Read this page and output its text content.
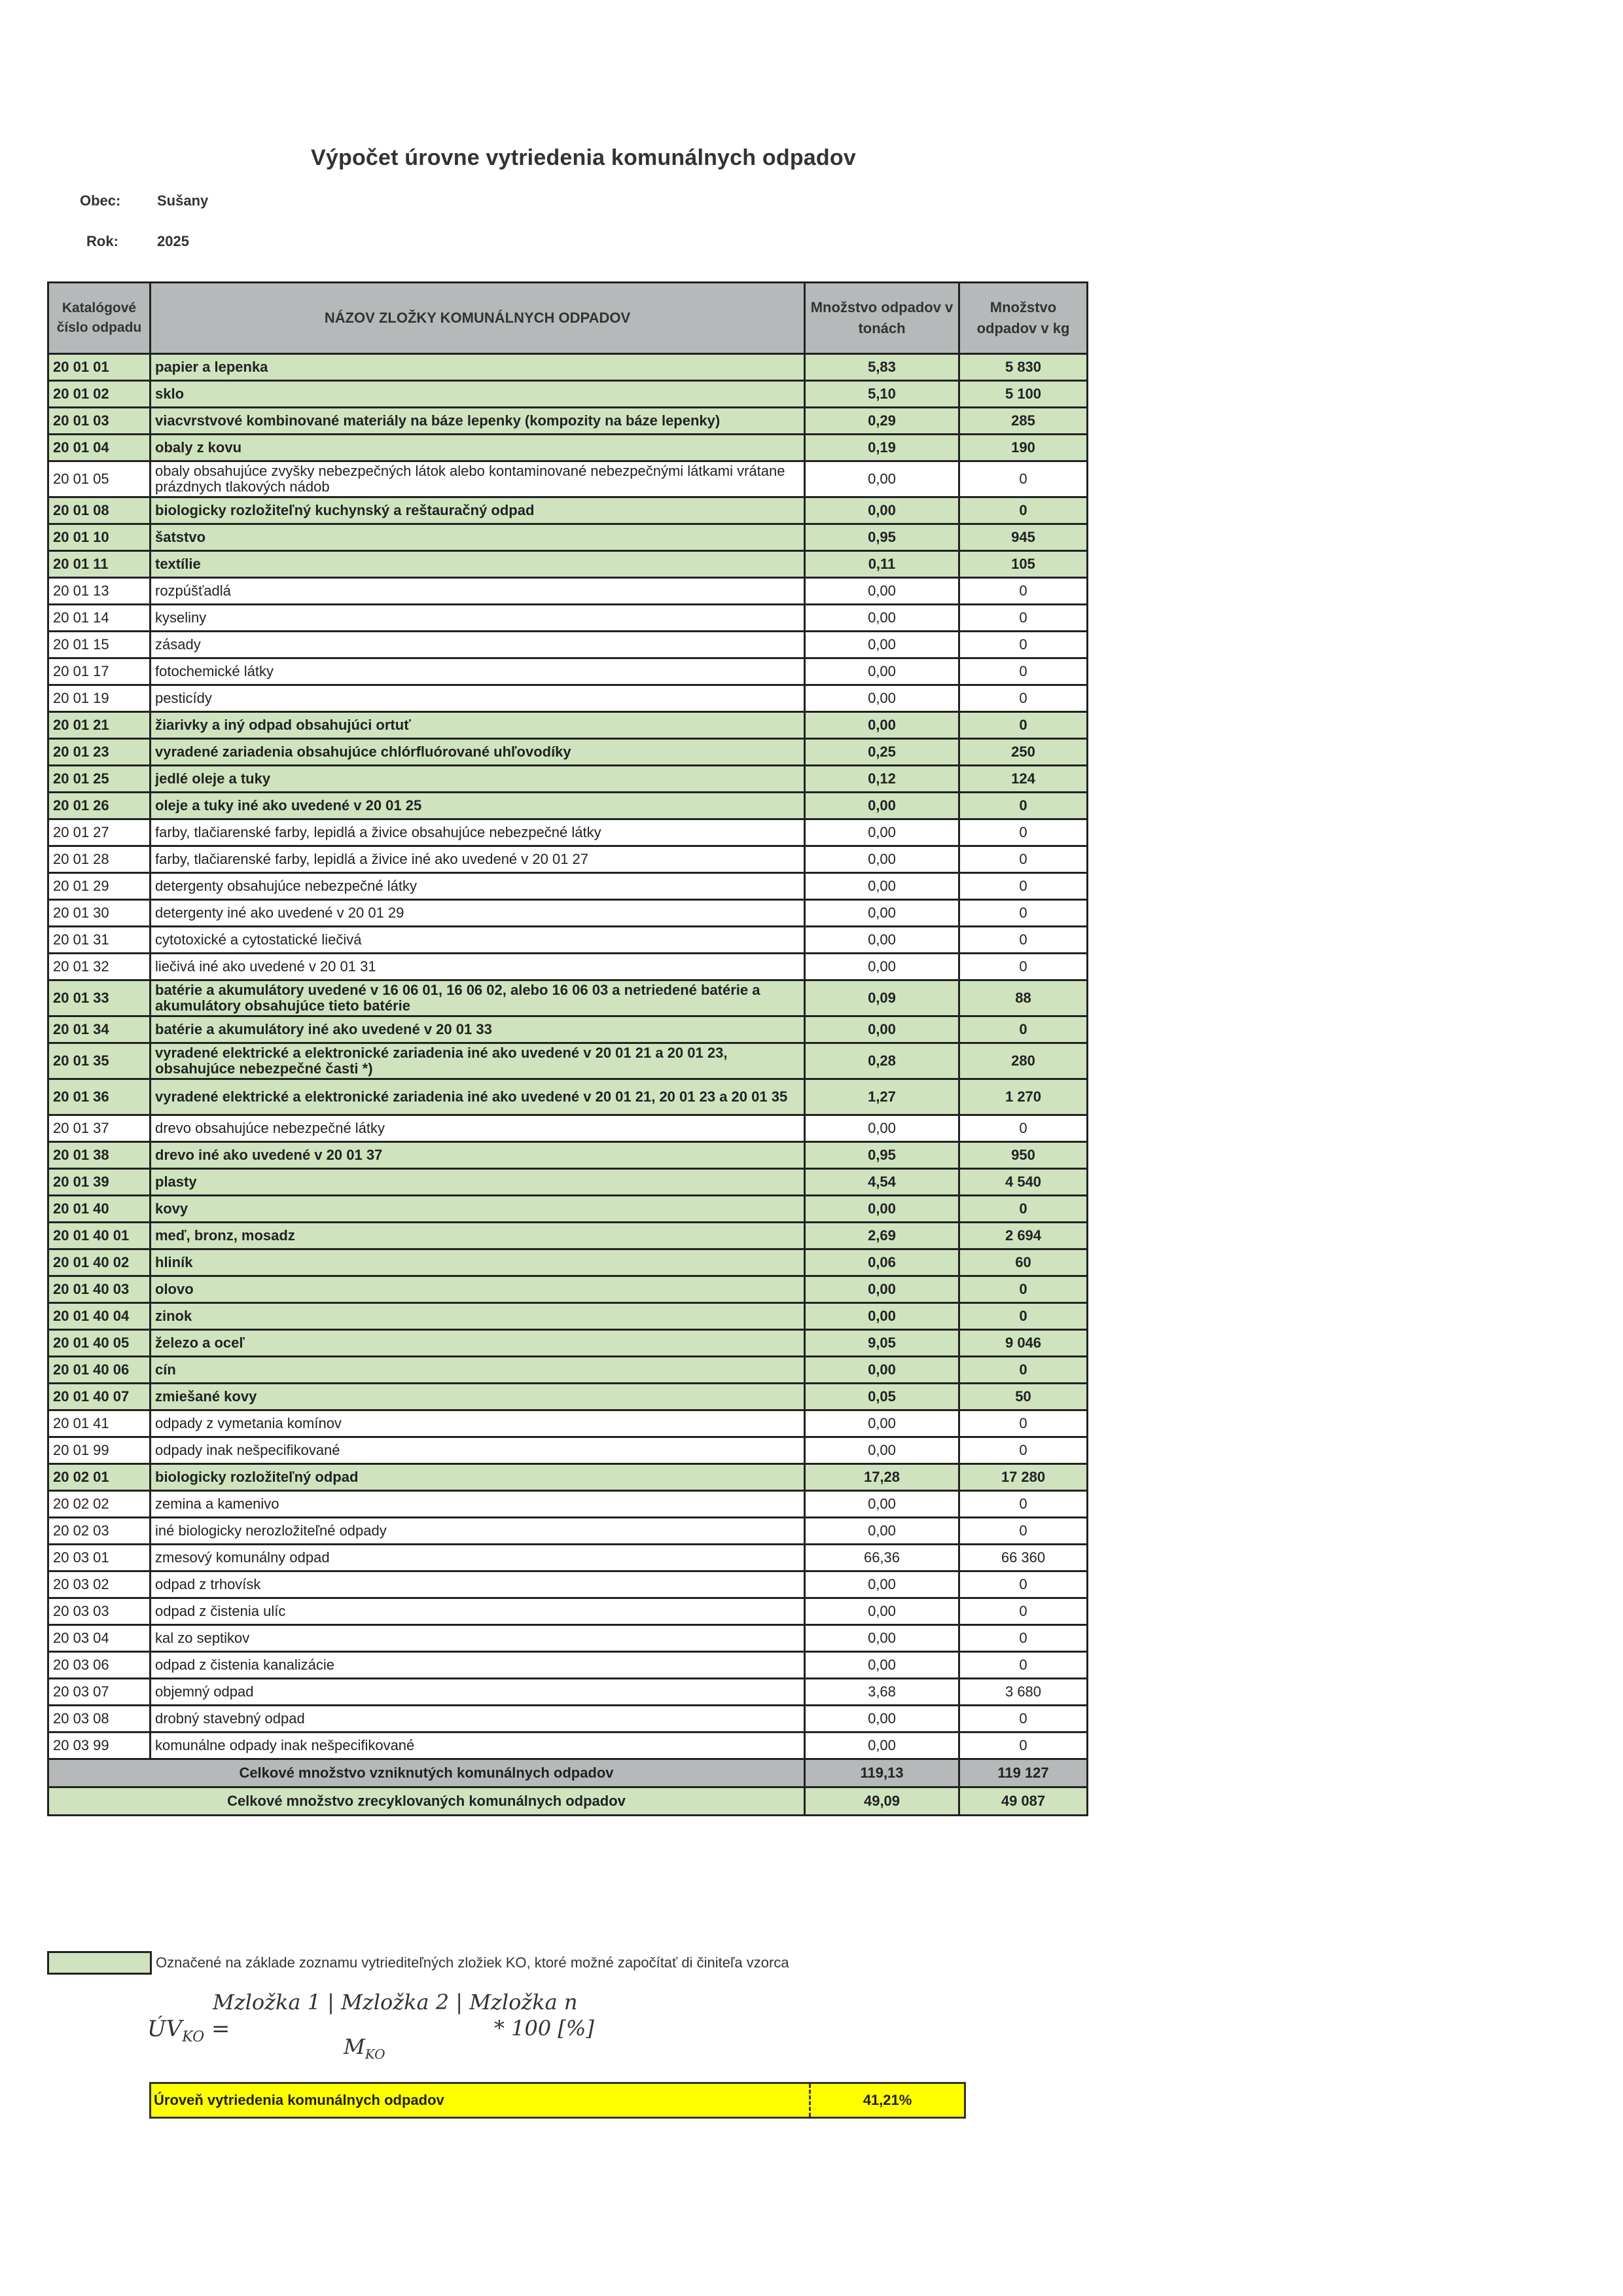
Výpočet úrovne vytriedenia komunálnych odpadov
Obec:	Sušany
Rok:	2025
Katalógové číslo odpadu	NÁZOV ZLOŽKY KOMUNÁLNYCH ODPADOV	Množstvo odpadov v tonách	Množstvo odpadov v kg
20 01 01	papier a lepenka	5,83	5 830
20 01 02	sklo	5,10	5 100
20 01 03	viacvrstvové kombinované materiály na báze lepenky (kompozity na báze lepenky)	0,29	285
20 01 04	obaly z kovu	0,19	190
20 01 05	obaly obsahujúce zvyšky nebezpečných látok alebo kontaminované nebezpečnými látkami vrátane prázdnych tlakových nádob	0,00	0
20 01 08	biologicky rozložiteľný kuchynský a reštauračný odpad	0,00	0
20 01 10	šatstvo	0,95	945
20 01 11	textílie	0,11	105
20 01 13	rozpúšťadlá	0,00	0
20 01 14	kyseliny	0,00	0
20 01 15	zásady	0,00	0
20 01 17	fotochemické látky	0,00	0
20 01 19	pesticídy	0,00	0
20 01 21	žiarivky a iný odpad obsahujúci ortuť	0,00	0
20 01 23	vyradené zariadenia obsahujúce chlórfluórované uhľovodíky	0,25	250
20 01 25	jedlé oleje a tuky	0,12	124
20 01 26	oleje a tuky iné ako uvedené v 20 01 25	0,00	0
20 01 27	farby, tlačiarenské farby, lepidlá a živice obsahujúce nebezpečné látky	0,00	0
20 01 28	farby, tlačiarenské farby, lepidlá a živice iné ako uvedené v 20 01 27	0,00	0
20 01 29	detergenty obsahujúce nebezpečné látky	0,00	0
20 01 30	detergenty iné ako uvedené v 20 01 29	0,00	0
20 01 31	cytotoxické a cytostatické liečivá	0,00	0
20 01 32	liečivá iné ako uvedené v 20 01 31	0,00	0
20 01 33	batérie a akumulátory uvedené v 16 06 01, 16 06 02, alebo 16 06 03 a netriedené batérie a akumulátory obsahujúce tieto batérie	0,09	88
20 01 34	batérie a akumulátory iné ako uvedené v 20 01 33	0,00	0
20 01 35	vyradené elektrické a elektronické zariadenia iné ako uvedené v 20 01 21 a 20 01 23, obsahujúce nebezpečné časti *)	0,28	280
20 01 36	vyradené elektrické a elektronické zariadenia iné ako uvedené v 20 01 21, 20 01 23 a 20 01 35	1,27	1 270
20 01 37	drevo obsahujúce nebezpečné látky	0,00	0
20 01 38	drevo iné ako uvedené v 20 01 37	0,95	950
20 01 39	plasty	4,54	4 540
20 01 40	kovy	0,00	0
20 01 40 01	meď, bronz, mosadz	2,69	2 694
20 01 40 02	hliník	0,06	60
20 01 40 03	olovo	0,00	0
20 01 40 04	zinok	0,00	0
20 01 40 05	železo a oceľ	9,05	9 046
20 01 40 06	cín	0,00	0
20 01 40 07	zmiešané kovy	0,05	50
20 01 41	odpady z vymetania komínov	0,00	0
20 01 99	odpady inak nešpecifikované	0,00	0
20 02 01	biologicky rozložiteľný odpad	17,28	17 280
20 02 02	zemina a kamenivo	0,00	0
20 02 03	iné biologicky nerozložiteľné odpady	0,00	0
20 03 01	zmesový komunálny odpad	66,36	66 360
20 03 02	odpad z trhovísk	0,00	0
20 03 03	odpad z čistenia ulíc	0,00	0
20 03 04	kal zo septikov	0,00	0
20 03 06	odpad z čistenia kanalizácie	0,00	0
20 03 07	objemný odpad	3,68	3 680
20 03 08	drobný stavebný odpad	0,00	0
20 03 99	komunálne odpady inak nešpecifikované	0,00	0
Celkové množstvo vzniknutých komunálnych odpadov		119,13	119 127
Celkové množstvo zrecyklovaných komunálnych odpadov		49,09	49 087
Označené na základe zoznamu vytriediteľných zložiek KO, ktoré možné započítať di činiteľa vzorca
$ÚV_{KO}$ =
Mzložka 1 | Mzložka 2 | Mzložka n
$M_{KO}$
* 100 [%]
Úroveň vytriedenia komunálnych odpadov	41,21%
